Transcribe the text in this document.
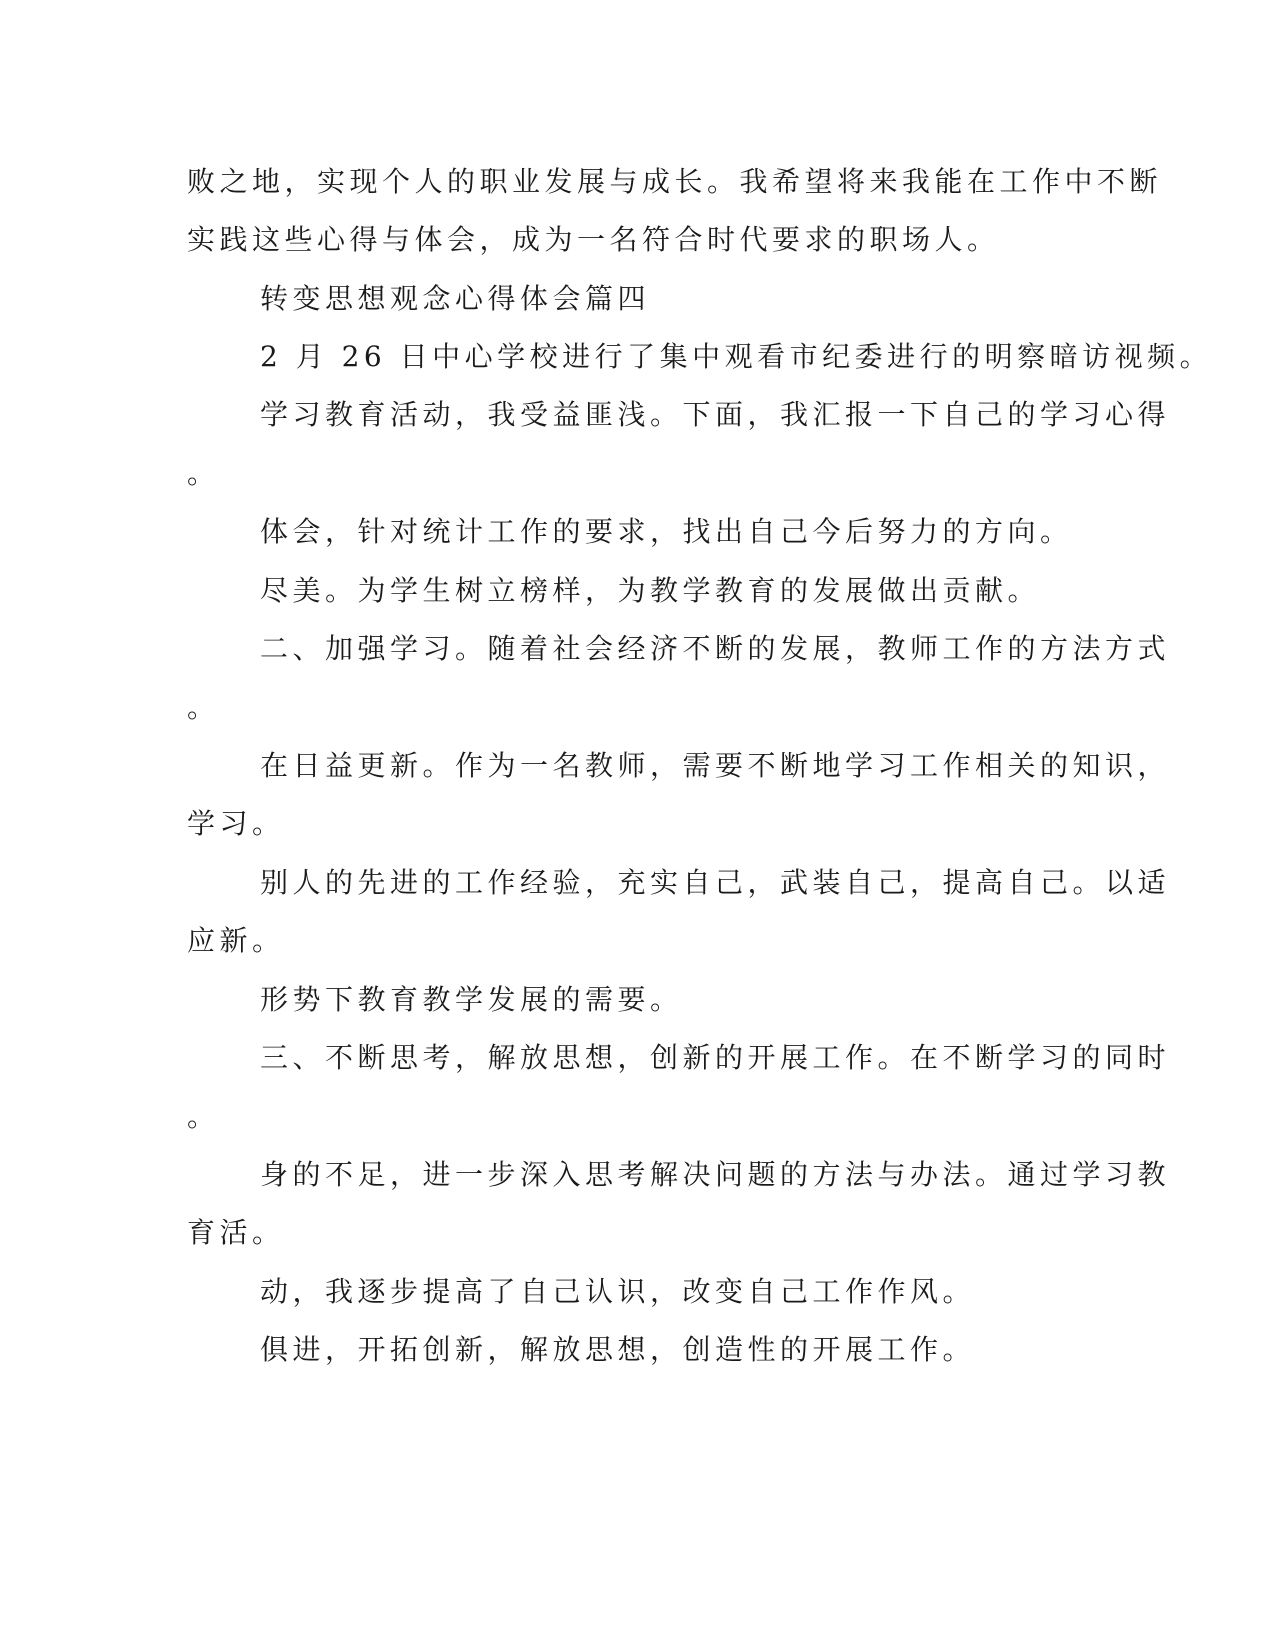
败之地，实现个人的职业发展与成长。我希望将来我能在工作中不断
实践这些心得与体会，成为一名符合时代要求的职场人。
转变思想观念心得体会篇四
2 月 26 日中心学校进行了集中观看市纪委进行的明察暗访视频。
学习教育活动，我受益匪浅。下面，我汇报一下自己的学习心得
。
体会，针对统计工作的要求，找出自己今后努力的方向。
尽美。为学生树立榜样，为教学教育的发展做出贡献。
二、加强学习。随着社会经济不断的发展，教师工作的方法方式
。
在日益更新。作为一名教师，需要不断地学习工作相关的知识，
学习。
别人的先进的工作经验，充实自己，武装自己，提高自己。以适
应新。
形势下教育教学发展的需要。
三、不断思考，解放思想，创新的开展工作。在不断学习的同时
。
身的不足，进一步深入思考解决问题的方法与办法。通过学习教
育活。
动，我逐步提高了自己认识，改变自己工作作风。
俱进，开拓创新，解放思想，创造性的开展工作。
